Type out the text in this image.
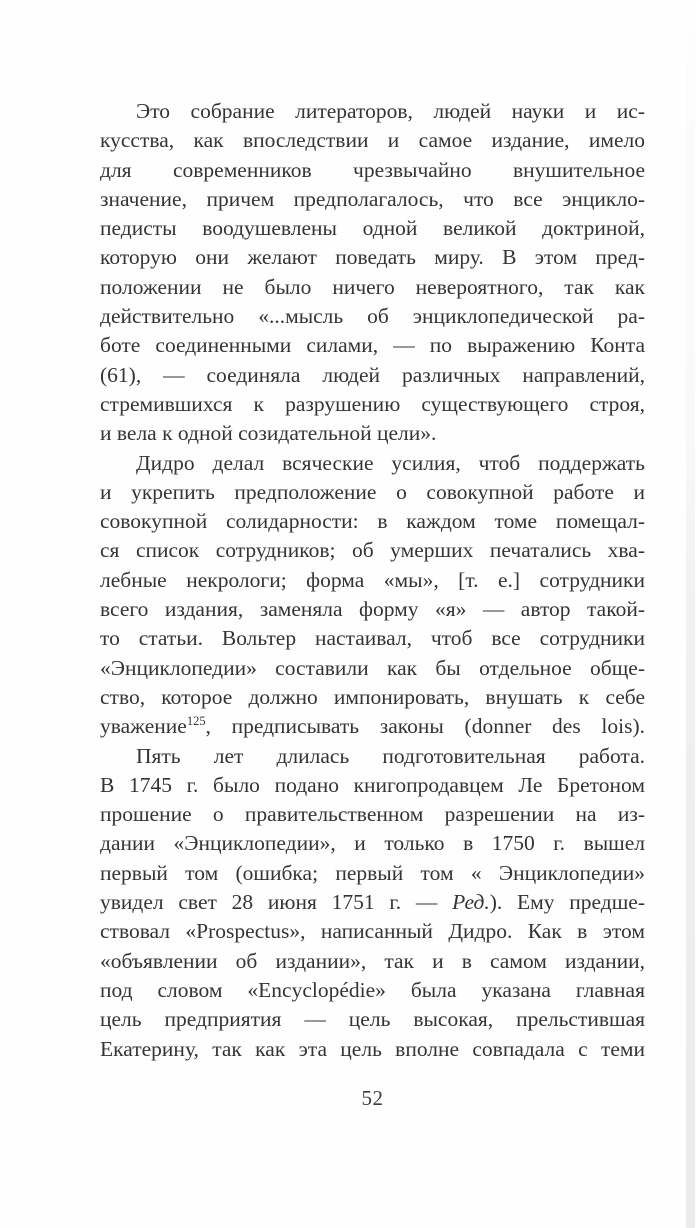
Это собрание литераторов, людей науки и ис-
кусства, как впоследствии и самое издание, имело
для современников чрезвычайно внушительное
значение, причем предполагалось, что все энцикло-
педисты воодушевлены одной великой доктриной,
которую они желают поведать миру. В этом пред-
положении не было ничего невероятного, так как
действительно «...мысль об энциклопедической ра-
боте соединенными силами, — по выражению Конта
(61), — соединяла людей различных направлений,
стремившихся к разрушению существующего строя,
и вела к одной созидательной цели».
Дидро делал всяческие усилия, чтоб поддержать
и укрепить предположение о совокупной работе и
совокупной солидарности: в каждом томе помещал-
ся список сотрудников; об умерших печатались хва-
лебные некрологи; форма «мы», [т. е.] сотрудники
всего издания, заменяла форму «я» — автор такой-
то статьи. Вольтер настаивал, чтоб все сотрудники
«Энциклопедии» составили как бы отдельное обще-
ство, которое должно импонировать, внушать к себе
уважение$^{125}$, предписывать законы (donner des lois).
Пять лет длилась подготовительная работа.
В 1745 г. было подано книгопродавцем Ле Бретоном
прошение о правительственном разрешении на из-
дании «Энциклопедии», и только в 1750 г. вышел
первый том (ошибка; первый том « Энциклопедии»
увидел свет 28 июня 1751 г. — Ред.). Ему предше-
ствовал «Prospectus», написанный Дидро. Как в этом
«объявлении об издании», так и в самом издании,
под словом «Encyclopédie» была указана главная
цель предприятия — цель высокая, прельстившая
Екатерину, так как эта цель вполне совпадала с теми
52
